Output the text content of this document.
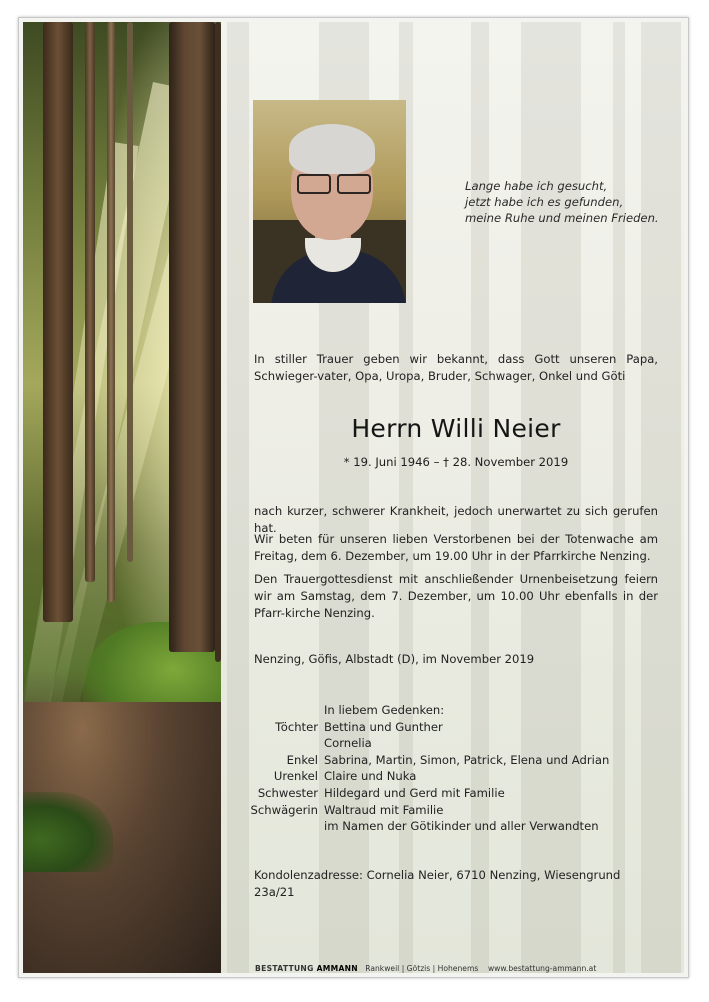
Lange habe ich gesucht,
jetzt habe ich es gefunden,
meine Ruhe und meinen Frieden.
In stiller Trauer geben wir bekannt, dass Gott unseren Papa, Schwieger-vater, Opa, Uropa, Bruder, Schwager, Onkel und Göti
Herrn Willi Neier
* 19. Juni 1946 – † 28. November 2019
nach kurzer, schwerer Krankheit, jedoch unerwartet zu sich gerufen hat.
Wir beten für unseren lieben Verstorbenen bei der Totenwache am Freitag, dem 6. Dezember, um 19.00 Uhr in der Pfarrkirche Nenzing.
Den Trauergottesdienst mit anschließender Urnenbeisetzung feiern wir am Samstag, dem 7. Dezember, um 10.00 Uhr ebenfalls in der Pfarr-kirche Nenzing.
Nenzing, Göfis, Albstadt (D), im November 2019
In liebem Gedenken:
Töchter Bettina und Gunther
Cornelia
Enkel Sabrina, Martin, Simon, Patrick, Elena und Adrian
Urenkel Claire und Nuka
Schwester Hildegard und Gerd mit Familie
Schwägerin Waltraud mit Familie
im Namen der Götikinder und aller Verwandten
Kondolenzadresse: Cornelia Neier, 6710 Nenzing, Wiesengrund 23a/21
BESTATTUNG AMMANN Rankweil | Götzis | Hohenems www.bestattung-ammann.at
